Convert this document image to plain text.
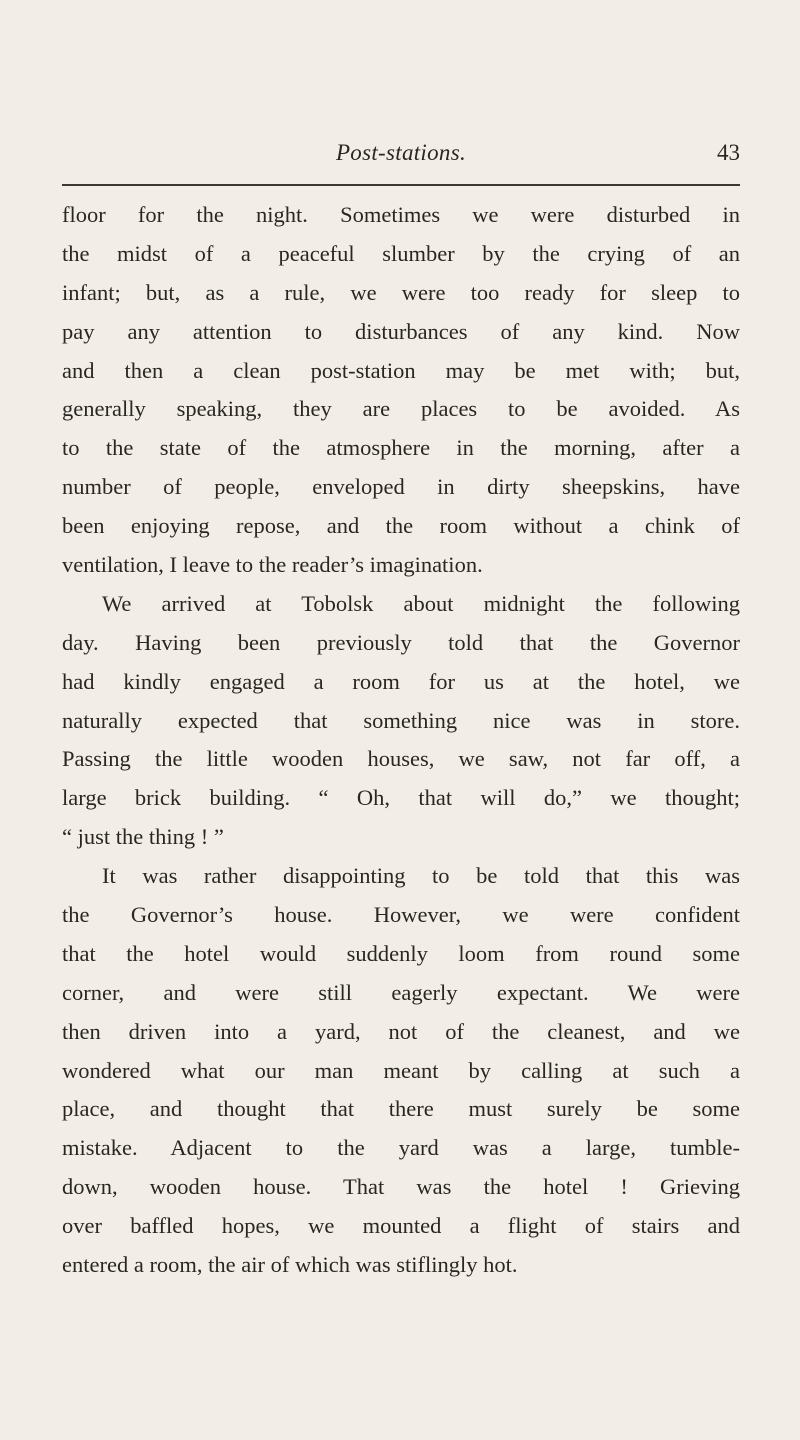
Post-stations.	43
floor for the night. Sometimes we were disturbed in
the midst of a peaceful slumber by the crying of an
infant; but, as a rule, we were too ready for sleep to
pay any attention to disturbances of any kind. Now
and then a clean post-station may be met with; but,
generally speaking, they are places to be avoided. As
to the state of the atmosphere in the morning, after a
number of people, enveloped in dirty sheepskins, have
been enjoying repose, and the room without a chink of
ventilation, I leave to the reader’s imagination.
We arrived at Tobolsk about midnight the following
day. Having been previously told that the Governor
had kindly engaged a room for us at the hotel, we
naturally expected that something nice was in store.
Passing the little wooden houses, we saw, not far off, a
large brick building. “ Oh, that will do,” we thought;
“ just the thing ! ”
It was rather disappointing to be told that this was
the Governor’s house. However, we were confident
that the hotel would suddenly loom from round some
corner, and were still eagerly expectant. We were
then driven into a yard, not of the cleanest, and we
wondered what our man meant by calling at such a
place, and thought that there must surely be some
mistake. Adjacent to the yard was a large, tumble-
down, wooden house. That was the hotel ! Grieving
over baffled hopes, we mounted a flight of stairs and
entered a room, the air of which was stiflingly hot.
